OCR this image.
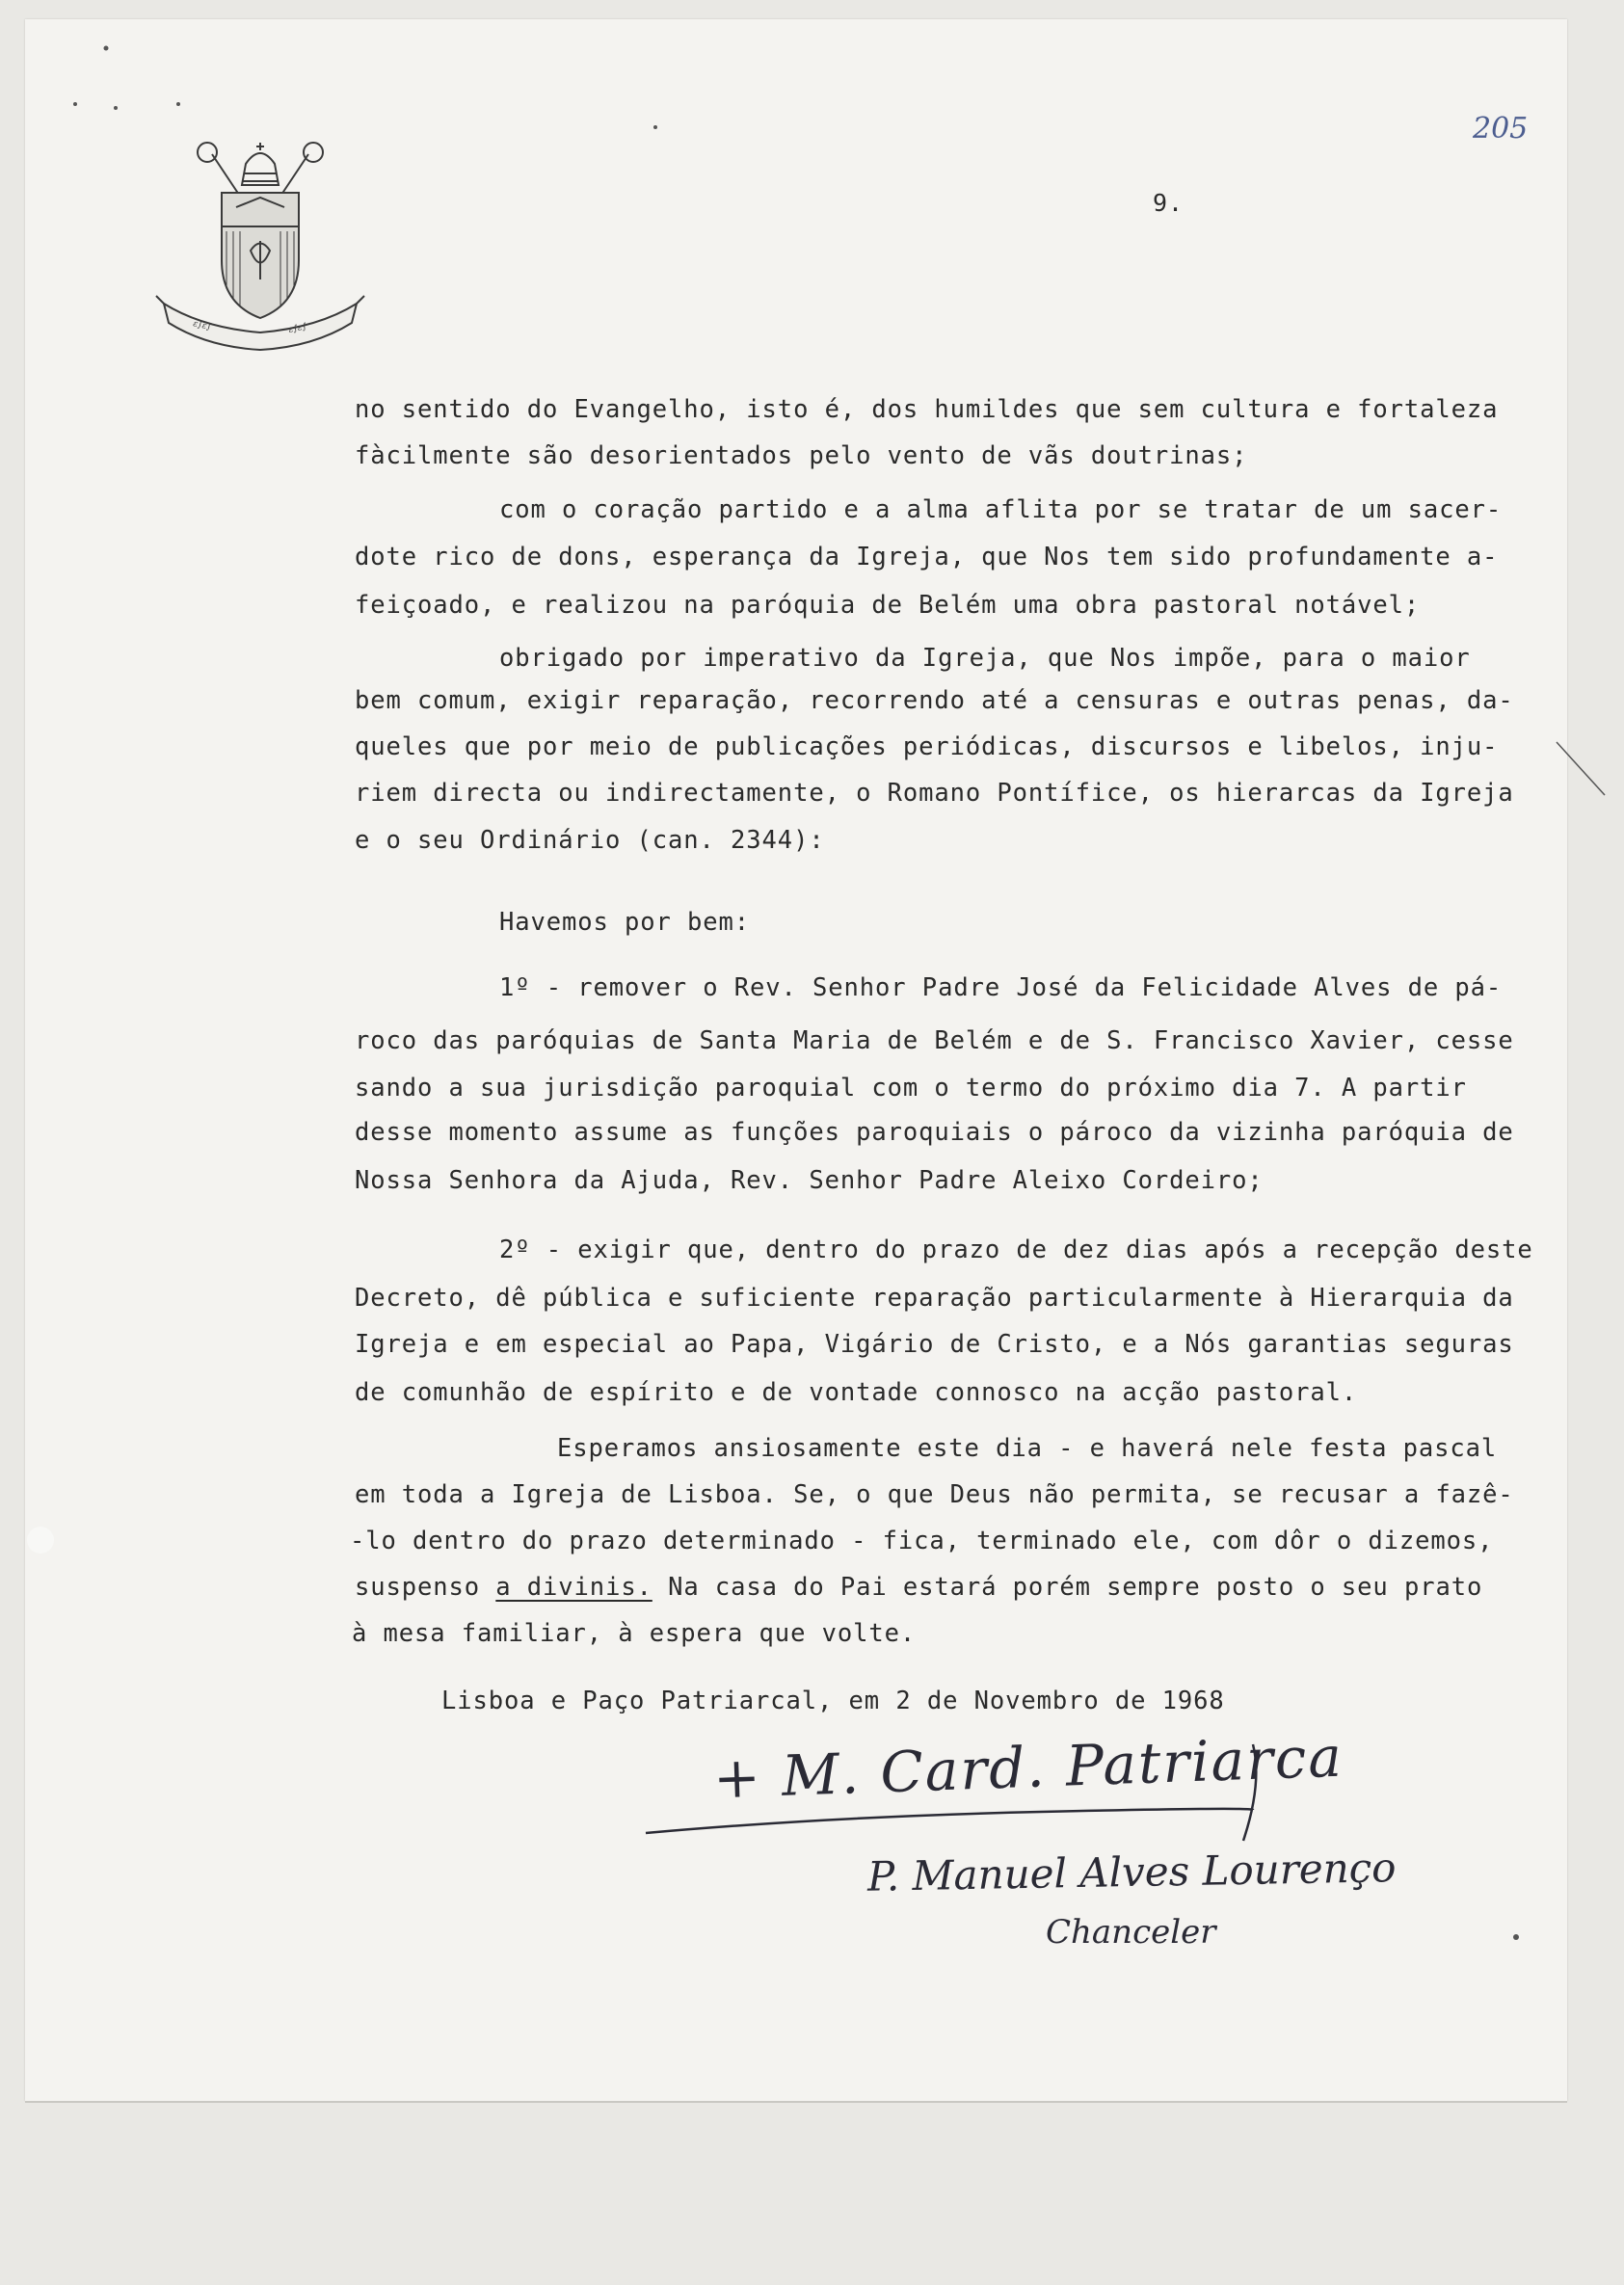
ε∫ε∫	ε∫ε∫
9.
205
no sentido do Evangelho, isto é, dos humildes que sem cultura e fortaleza
fàcilmente são desorientados pelo vento de vãs doutrinas;
com o coração partido e a alma aflita por se tratar de um sacer-
dote rico de dons, esperança da Igreja, que Nos tem sido profundamente a-
feiçoado, e realizou na paróquia de Belém uma obra pastoral notável;
obrigado por imperativo da Igreja, que Nos impõe, para o maior
bem comum, exigir reparação, recorrendo até a censuras e outras penas, da-
queles que por meio de publicações periódicas, discursos e libelos, inju-
riem directa ou indirectamente, o Romano Pontífice, os hierarcas da Igreja
e o seu Ordinário (can. 2344):
Havemos por bem:
1º - remover o Rev. Senhor Padre José da Felicidade Alves de pá-
roco das paróquias de Santa Maria de Belém e de S. Francisco Xavier, cesse
sando a sua jurisdição paroquial com o termo do próximo dia 7. A partir
desse momento assume as funções paroquiais o pároco da vizinha paróquia de
Nossa Senhora da Ajuda, Rev. Senhor Padre Aleixo Cordeiro;
2º - exigir que, dentro do prazo de dez dias após a recepção deste
Decreto, dê pública e suficiente reparação particularmente à Hierarquia da
Igreja e em especial ao Papa, Vigário de Cristo, e a Nós garantias seguras
de comunhão de espírito e de vontade connosco na acção pastoral.
Esperamos ansiosamente este dia - e haverá nele festa pascal
em toda a Igreja de Lisboa. Se, o que Deus não permita, se recusar a fazê-
-lo dentro do prazo determinado - fica, terminado ele, com dôr o dizemos,
suspenso a divinis. Na casa do Pai estará porém sempre posto o seu prato
à mesa familiar, à espera que volte.
Lisboa e Paço Patriarcal, em 2 de Novembro de 1968
+ M. Card. Patriarca
P. Manuel Alves Lourenço
Chanceler
